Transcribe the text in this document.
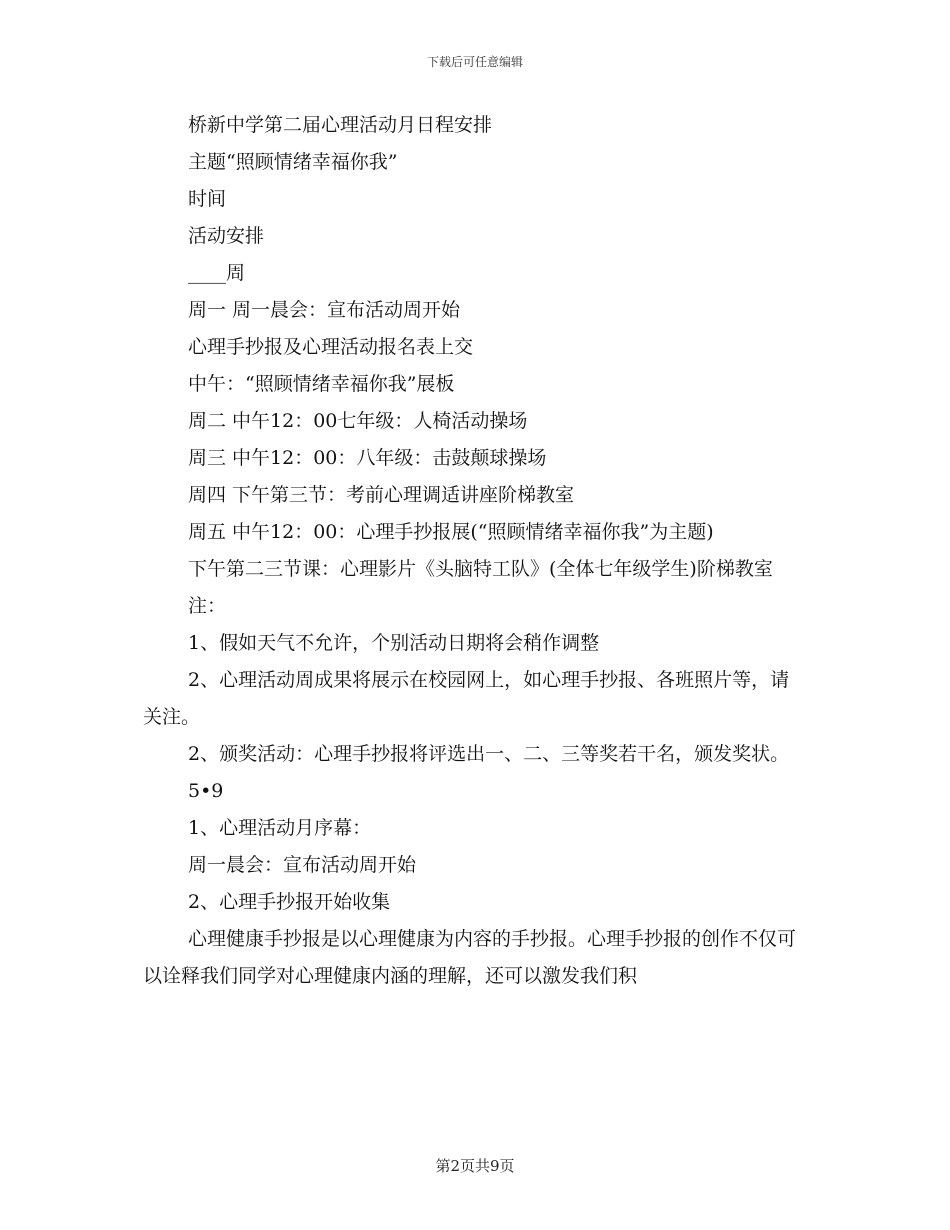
下载后可任意编辑

桥新中学第二届心理活动月日程安排

主题“照顾情绪幸福你我”

时间

活动安排

____周

周一 周一晨会：宣布活动周开始

心理手抄报及心理活动报名表上交

中午：“照顾情绪幸福你我”展板

周二 中午12：00七年级：人椅活动操场

周三 中午12：00：八年级：击鼓颠球操场

周四 下午第三节：考前心理调适讲座阶梯教室

周五 中午12：00：心理手抄报展(“照顾情绪幸福你我”为主题)

下午第二三节课：心理影片《头脑特工队》(全体七年级学生)阶梯教室

注：

1、假如天气不允许，个别活动日期将会稍作调整

2、心理活动周成果将展示在校园网上，如心理手抄报、各班照片等，请关注。

2、颁奖活动：心理手抄报将评选出一、二、三等奖若干名，颁发奖状。

5•9

1、心理活动月序幕：

周一晨会：宣布活动周开始

2、心理手抄报开始收集

心理健康手抄报是以心理健康为内容的手抄报。心理手抄报的创作不仅可以诠释我们同学对心理健康内涵的理解，还可以激发我们积

第2页共9页
